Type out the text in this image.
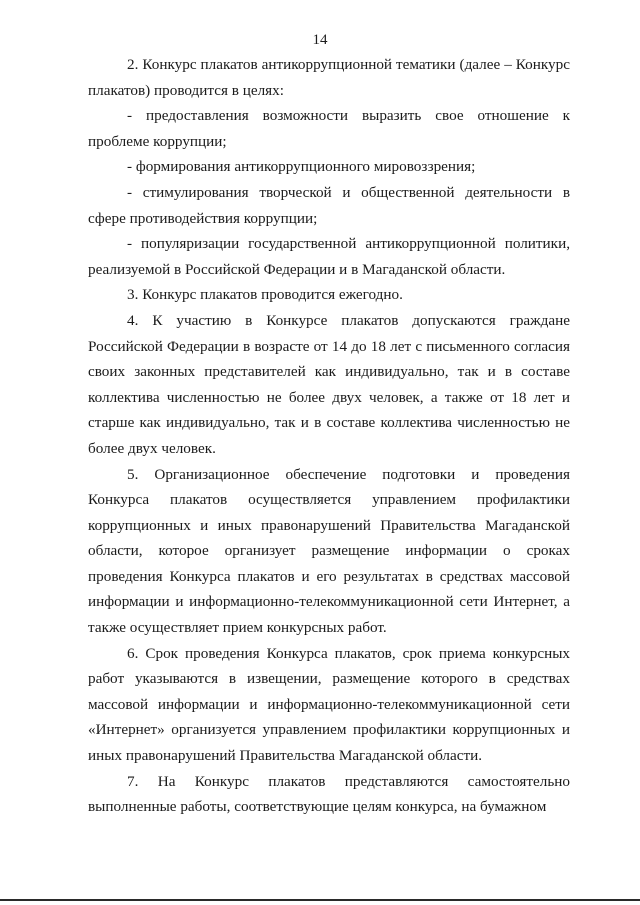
14

2. Конкурс плакатов антикоррупционной тематики (далее – Конкурс плакатов) проводится в целях:

- предоставления возможности выразить свое отношение к проблеме коррупции;

- формирования антикоррупционного мировоззрения;

- стимулирования творческой и общественной деятельности в сфере противодействия коррупции;

- популяризации государственной антикоррупционной политики, реализуемой в Российской Федерации и в Магаданской области.

3. Конкурс плакатов проводится ежегодно.

4. К участию в Конкурсе плакатов допускаются граждане Российской Федерации в возрасте от 14 до 18 лет с письменного согласия своих законных представителей как индивидуально, так и в составе коллектива численностью не более двух человек, а также от 18 лет и старше как индивидуально, так и в составе коллектива численностью не более двух человек.

5. Организационное обеспечение подготовки и проведения Конкурса плакатов осуществляется управлением профилактики коррупционных и иных правонарушений Правительства Магаданской области, которое организует размещение информации о сроках проведения Конкурса плакатов и его результатах в средствах массовой информации и информационно-телекоммуникационной сети Интернет, а также осуществляет прием конкурсных работ.

6. Срок проведения Конкурса плакатов, срок приема конкурсных работ указываются в извещении, размещение которого в средствах массовой информации и информационно-телекоммуникационной сети «Интернет» организуется управлением профилактики коррупционных и иных правонарушений Правительства Магаданской области.

7. На Конкурс плакатов представляются самостоятельно выполненные работы, соответствующие целям конкурса, на бумажном
